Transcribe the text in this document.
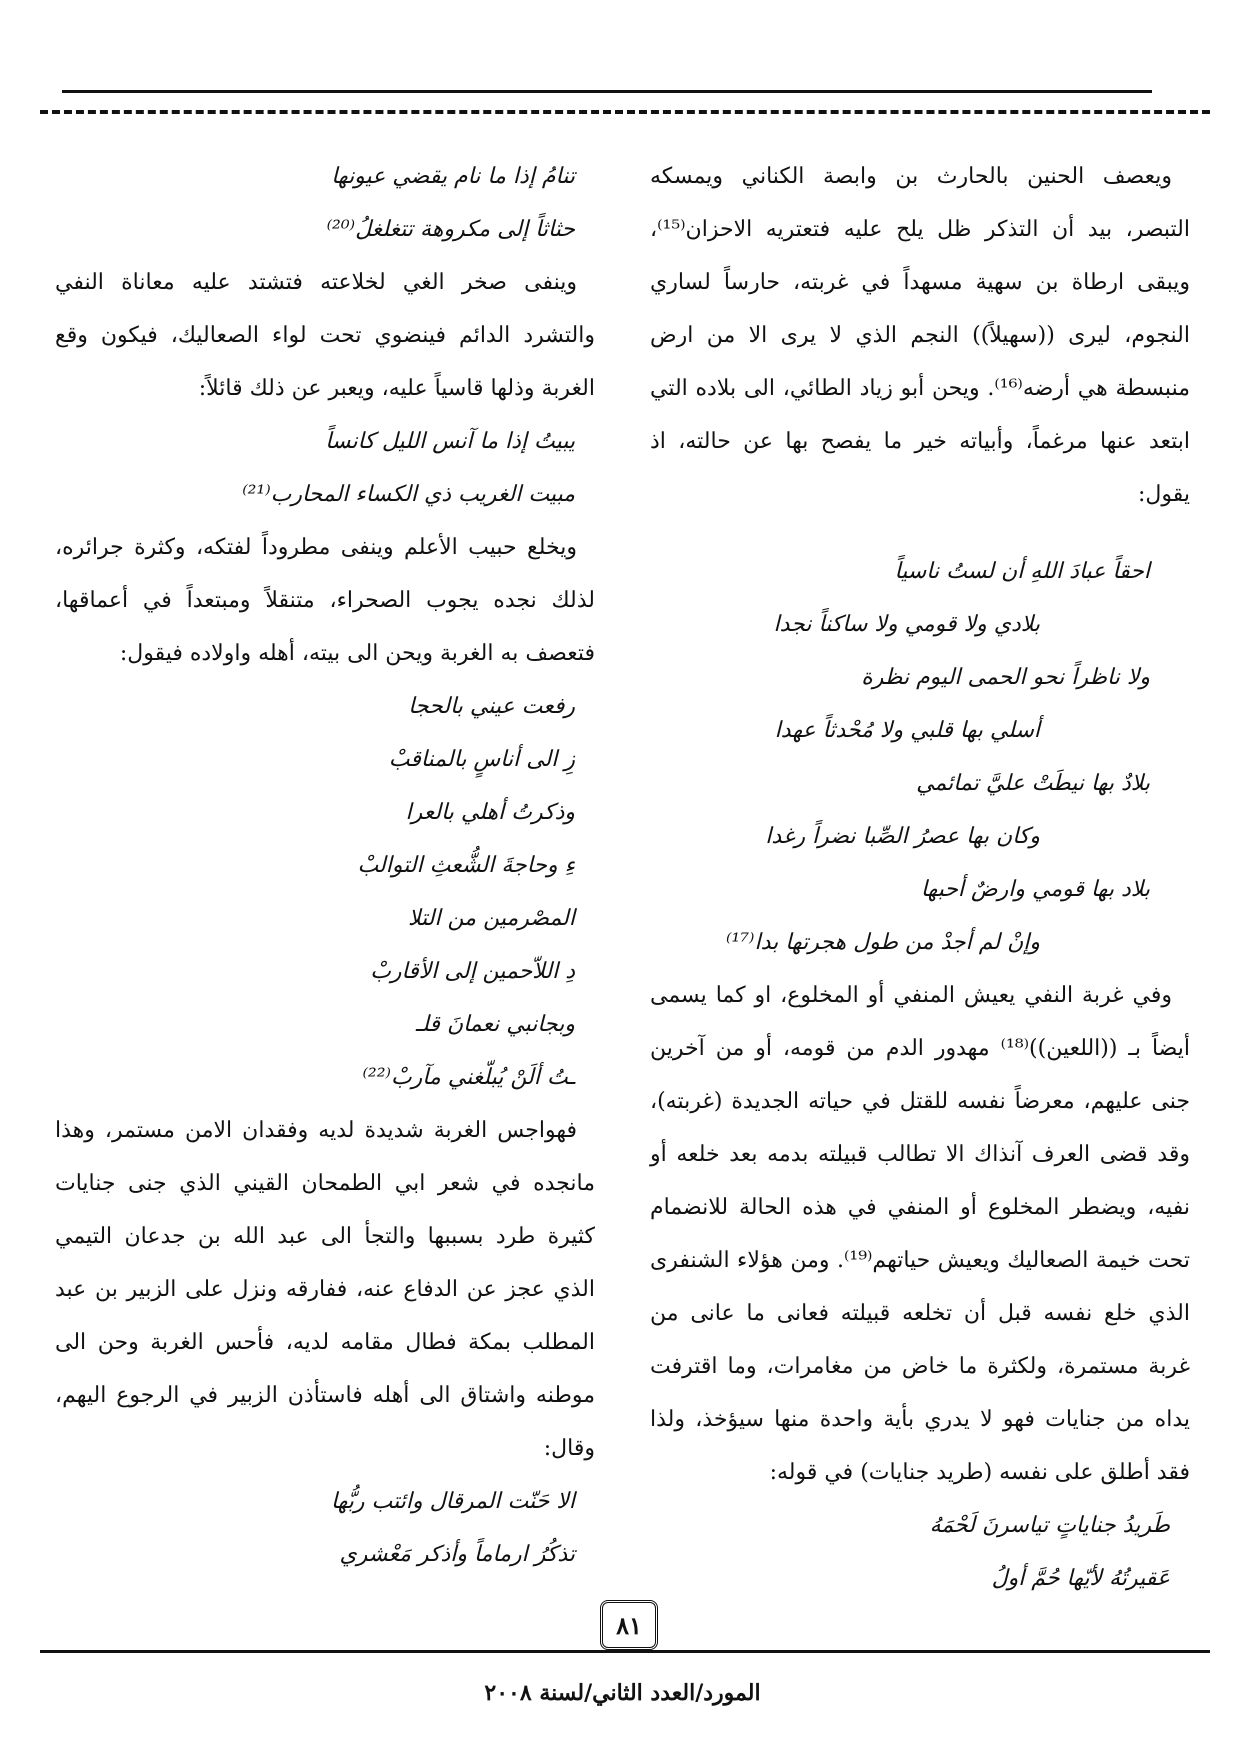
ويعصف الحنين بالحارث بن وابصة الكناني ويمسكه التبصر، بيد أن التذكر ظل يلح عليه فتعتريه الاحزان⁽¹⁵⁾، ويبقى ارطاة بن سهية مسهداً في غربته، حارساً لساري النجوم، ليرى ((سهيلاً)) النجم الذي لا يرى الا من ارض منبسطة هي أرضه⁽¹⁶⁾. ويحن أبو زياد الطائي، الى بلاده التي ابتعد عنها مرغماً، وأبياته خير ما يفصح بها عن حالته، اذ يقول:

احقاً عبادَ اللهِ أن لستُ ناسياً

بلادي ولا قومي ولا ساكناً نجدا

ولا ناظراً نحو الحمى اليوم نظرة

أسلي بها قلبي ولا مُحْدثاً عهدا

بلادٌ بها نيطَتْ عليَّ تمائمي

وكان بها عصرُ الصِّبا نضراً رغدا

بلاد بها قومي وارضٌ أحبها

وإنْ لم أجدْ من طول هجرتها بدا⁽¹⁷⁾

وفي غربة النفي يعيش المنفي أو المخلوع، او كما يسمى أيضاً بـ ((اللعين))⁽¹⁸⁾ مهدور الدم من قومه، أو من آخرين جنى عليهم، معرضاً نفسه للقتل في حياته الجديدة (غربته)، وقد قضى العرف آنذاك الا تطالب قبيلته بدمه بعد خلعه أو نفيه، ويضطر المخلوع أو المنفي في هذه الحالة للانضمام تحت خيمة الصعاليك ويعيش حياتهم⁽¹⁹⁾. ومن هؤلاء الشنفرى الذي خلع نفسه قبل أن تخلعه قبيلته فعانى ما عانى من غربة مستمرة، ولكثرة ما خاض من مغامرات، وما اقترفت يداه من جنايات فهو لا يدري بأية واحدة منها سيؤخذ، ولذا فقد أطلق على نفسه (طريد جنايات) في قوله:

طَريدُ جناياتٍ تياسرنَ لَحْمَهُ

عَقيرتُهُ لأيّها حُمَّ أولُ

تنامُ إذا ما نام يقضي عيونها

حثاثاً إلى مكروهة تتغلغلُ⁽²⁰⁾

وينفى صخر الغي لخلاعته فتشتد عليه معاناة النفي والتشرد الدائم فينضوي تحت لواء الصعاليك، فيكون وقع الغربة وذلها قاسياً عليه، ويعبر عن ذلك قائلاً:

يبيتُ إذا ما آنس الليل كانساً

مبيت الغريب ذي الكساء المحارب⁽²¹⁾

ويخلع حبيب الأعلم وينفى مطروداً لفتكه، وكثرة جرائره، لذلك نجده يجوب الصحراء، متنقلاً ومبتعداً في أعماقها، فتعصف به الغربة ويحن الى بيته، أهله واولاده فيقول:

رفعت عيني بالحجا

زِ الى أناسٍ بالمناقبْ

وذكرتُ أهلي بالعرا

ءِ وحاجةَ الشُّعثِ التوالبْ

المصْرمين من التلا

دِ اللاّحمين إلى الأقاربْ

وبجانبي نعمانَ قلـ

ـتُ ألَنْ يُبلّغني مآربْ⁽²²⁾

فهواجس الغربة شديدة لديه وفقدان الامن مستمر، وهذا مانجده في شعر ابي الطمحان القيني الذي جنى جنايات كثيرة طرد بسببها والتجأ الى عبد الله بن جدعان التيمي الذي عجز عن الدفاع عنه، ففارقه ونزل على الزبير بن عبد المطلب بمكة فطال مقامه لديه، فأحس الغربة وحن الى موطنه واشتاق الى أهله فاستأذن الزبير في الرجوع اليهم، وقال:

الا حَنّت المرقال وائتب ربُّها

تذكُرُ ارماماً وأذكر مَعْشري

٨١
المورد/العدد الثاني/لسنة ٢٠٠٨
